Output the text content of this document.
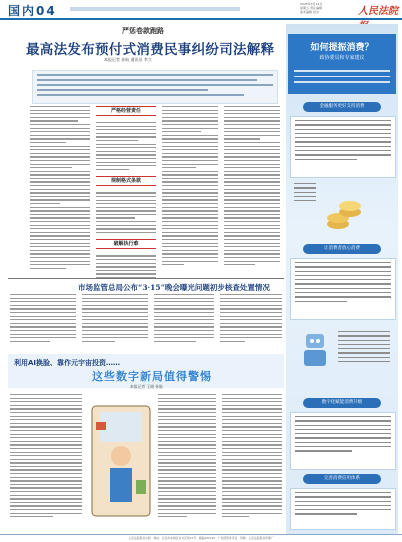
国内04	2025年3月14日
星期五 责任编辑
美术编辑 校对	人民法院
严惩卷款跑路
最高法发布预付式消费民事纠纷司法解释
本报记者 孙航 通讯员 李立
严格经营责任
规制格式条款
破解执行难
市场监管总局公布“3·15”晚会曝光问题初步核查处置情况
利用AI换脸、靠作元宇宙投资……
这些数字新局值得警惕
本报记者 王晓 孙航
如何提振消费？
政协委员和专家建议
金融服务更好支持消费
让消费者放心消费
数字化赋能消费升级
完善消费信用体系
人民法院报社出版 · 地址：北京市东城区东交民巷27号 · 邮编100745 · 广告经营许可证 · 印刷：人民法院报社印刷厂
